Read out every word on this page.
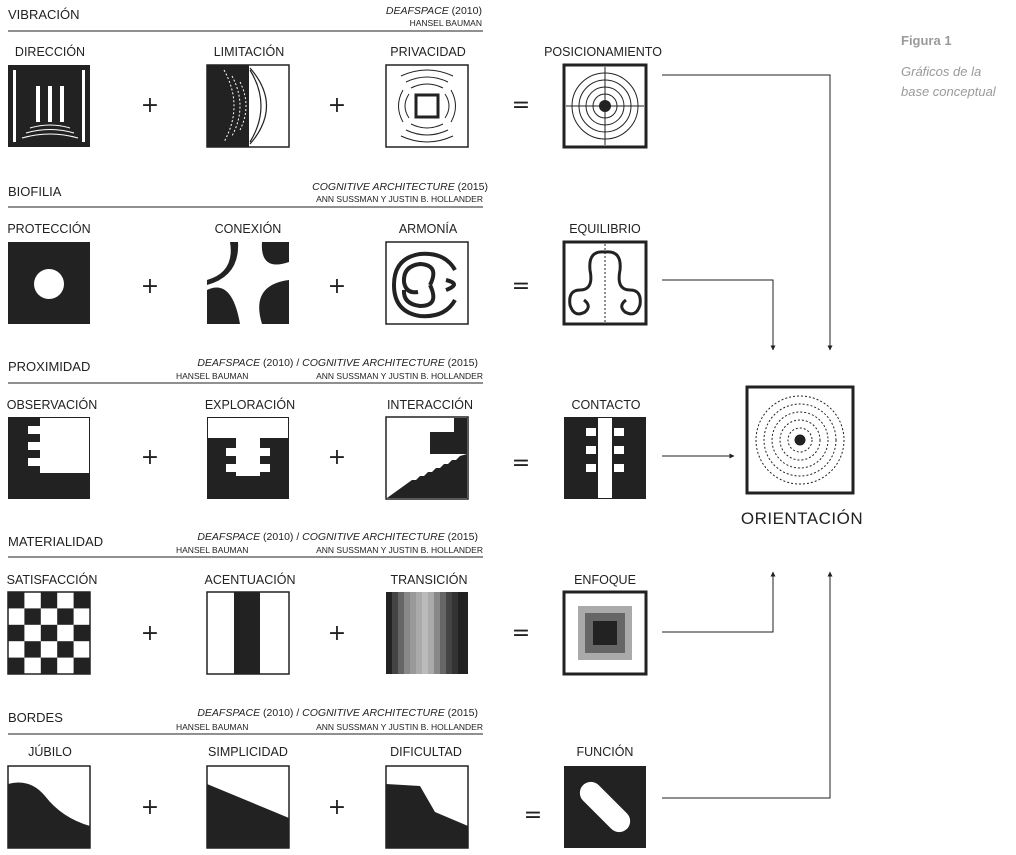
Figura 1
Gráficos de la
base conceptual
VIBRACIÓN	DEAFSPACE (2010)
HANSEL BAUMAN
DIRECCIÓN	LIMITACIÓN	PRIVACIDAD	POSICIONAMIENTO
+	+	=
BIOFILIA	COGNITIVE ARCHITECTURE (2015)
ANN SUSSMAN Y JUSTIN B. HOLLANDER
PROTECCIÓN	CONEXIÓN	ARMONÍA	EQUILIBRIO
+	+	=
PROXIMIDAD	DEAFSPACE (2010) / COGNITIVE ARCHITECTURE (2015)
HANSEL BAUMAN	ANN SUSSMAN Y JUSTIN B. HOLLANDER
OBSERVACIÓN	EXPLORACIÓN	INTERACCIÓN	CONTACTO
+	+	=
MATERIALIDAD	DEAFSPACE (2010) / COGNITIVE ARCHITECTURE (2015)
HANSEL BAUMAN	ANN SUSSMAN Y JUSTIN B. HOLLANDER
SATISFACCIÓN	ACENTUACIÓN	TRANSICIÓN	ENFOQUE
+	+	=
BORDES	DEAFSPACE (2010) / COGNITIVE ARCHITECTURE (2015)
HANSEL BAUMAN	ANN SUSSMAN Y JUSTIN B. HOLLANDER
JÚBILO	SIMPLICIDAD	DIFICULTAD	FUNCIÓN
+	+	=
ORIENTACIÓN
